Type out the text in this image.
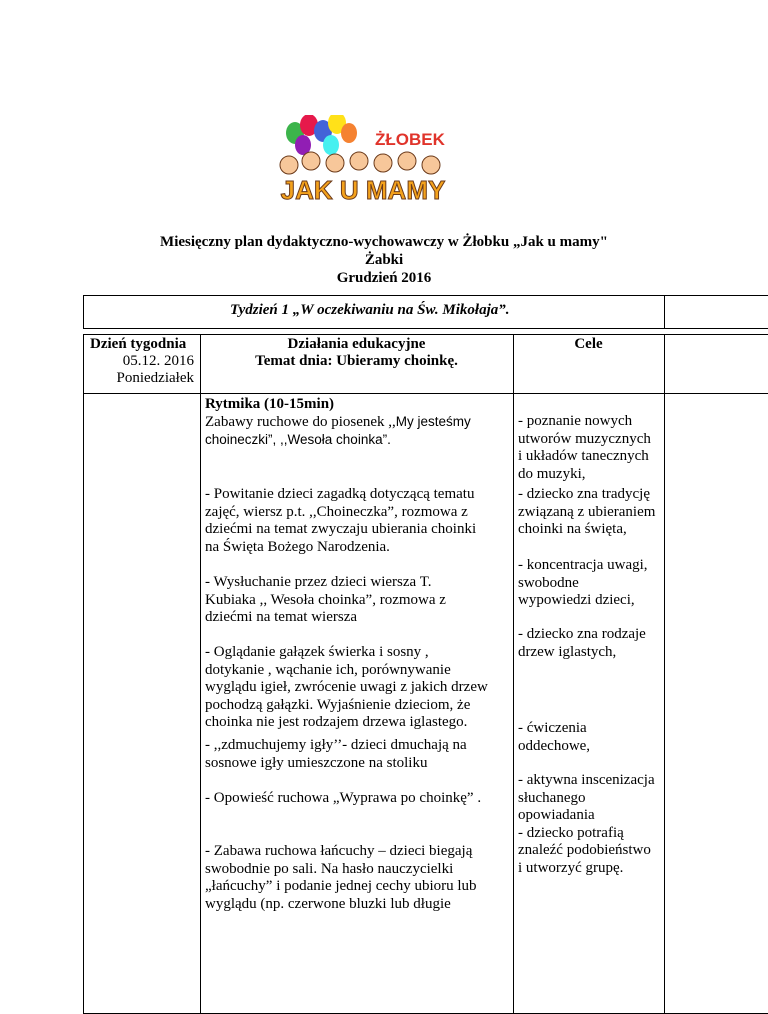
ŻŁOBEK
JAK U MAMY
Miesięczny plan dydaktyczno-wychowawczy w Żłobku „Jak u mamy"
Żabki
Grudzień 2016
Tydzień 1 „W oczekiwaniu na Św. Mikołaja”.
Dzień tygodnia
05.12. 2016
Poniedziałek
Działania edukacyjne
Temat dnia: Ubieramy choinkę.
Cele
Rytmika (10-15min)
Zabawy ruchowe do piosenek ,,My jesteśmy
choineczki”, ,,Wesoła choinka”.
- Powitanie dzieci zagadką dotyczącą tematu
zajęć, wiersz p.t. ,,Choineczka”, rozmowa z
dziećmi na temat zwyczaju ubierania choinki
na Święta Bożego Narodzenia.
- Wysłuchanie przez dzieci wiersza T.
Kubiaka ,, Wesoła choinka”, rozmowa z
dziećmi na temat wiersza
- Oglądanie gałązek świerka i sosny ,
dotykanie , wąchanie ich, porównywanie
wyglądu igieł, zwrócenie uwagi z jakich drzew
pochodzą gałązki. Wyjaśnienie dzieciom, że
choinka nie jest rodzajem drzewa iglastego.
- ,,zdmuchujemy igły’’- dzieci dmuchają na
sosnowe igły umieszczone na stoliku
- Opowieść ruchowa „Wyprawa po choinkę” .
- Zabawa ruchowa łańcuchy – dzieci biegają
swobodnie po sali. Na hasło nauczycielki
„łańcuchy” i podanie jednej cechy ubioru lub
wyglądu (np. czerwone bluzki lub długie
- poznanie nowych
utworów muzycznych
i układów tanecznych
do muzyki,
- dziecko zna tradycję
związaną z ubieraniem
choinki na święta,
- koncentracja uwagi,
swobodne
wypowiedzi dzieci,
- dziecko zna rodzaje
drzew iglastych,
- ćwiczenia
oddechowe,
- aktywna inscenizacja
słuchanego
opowiadania
- dziecko potrafią
znaleźć podobieństwo
i utworzyć grupę.
